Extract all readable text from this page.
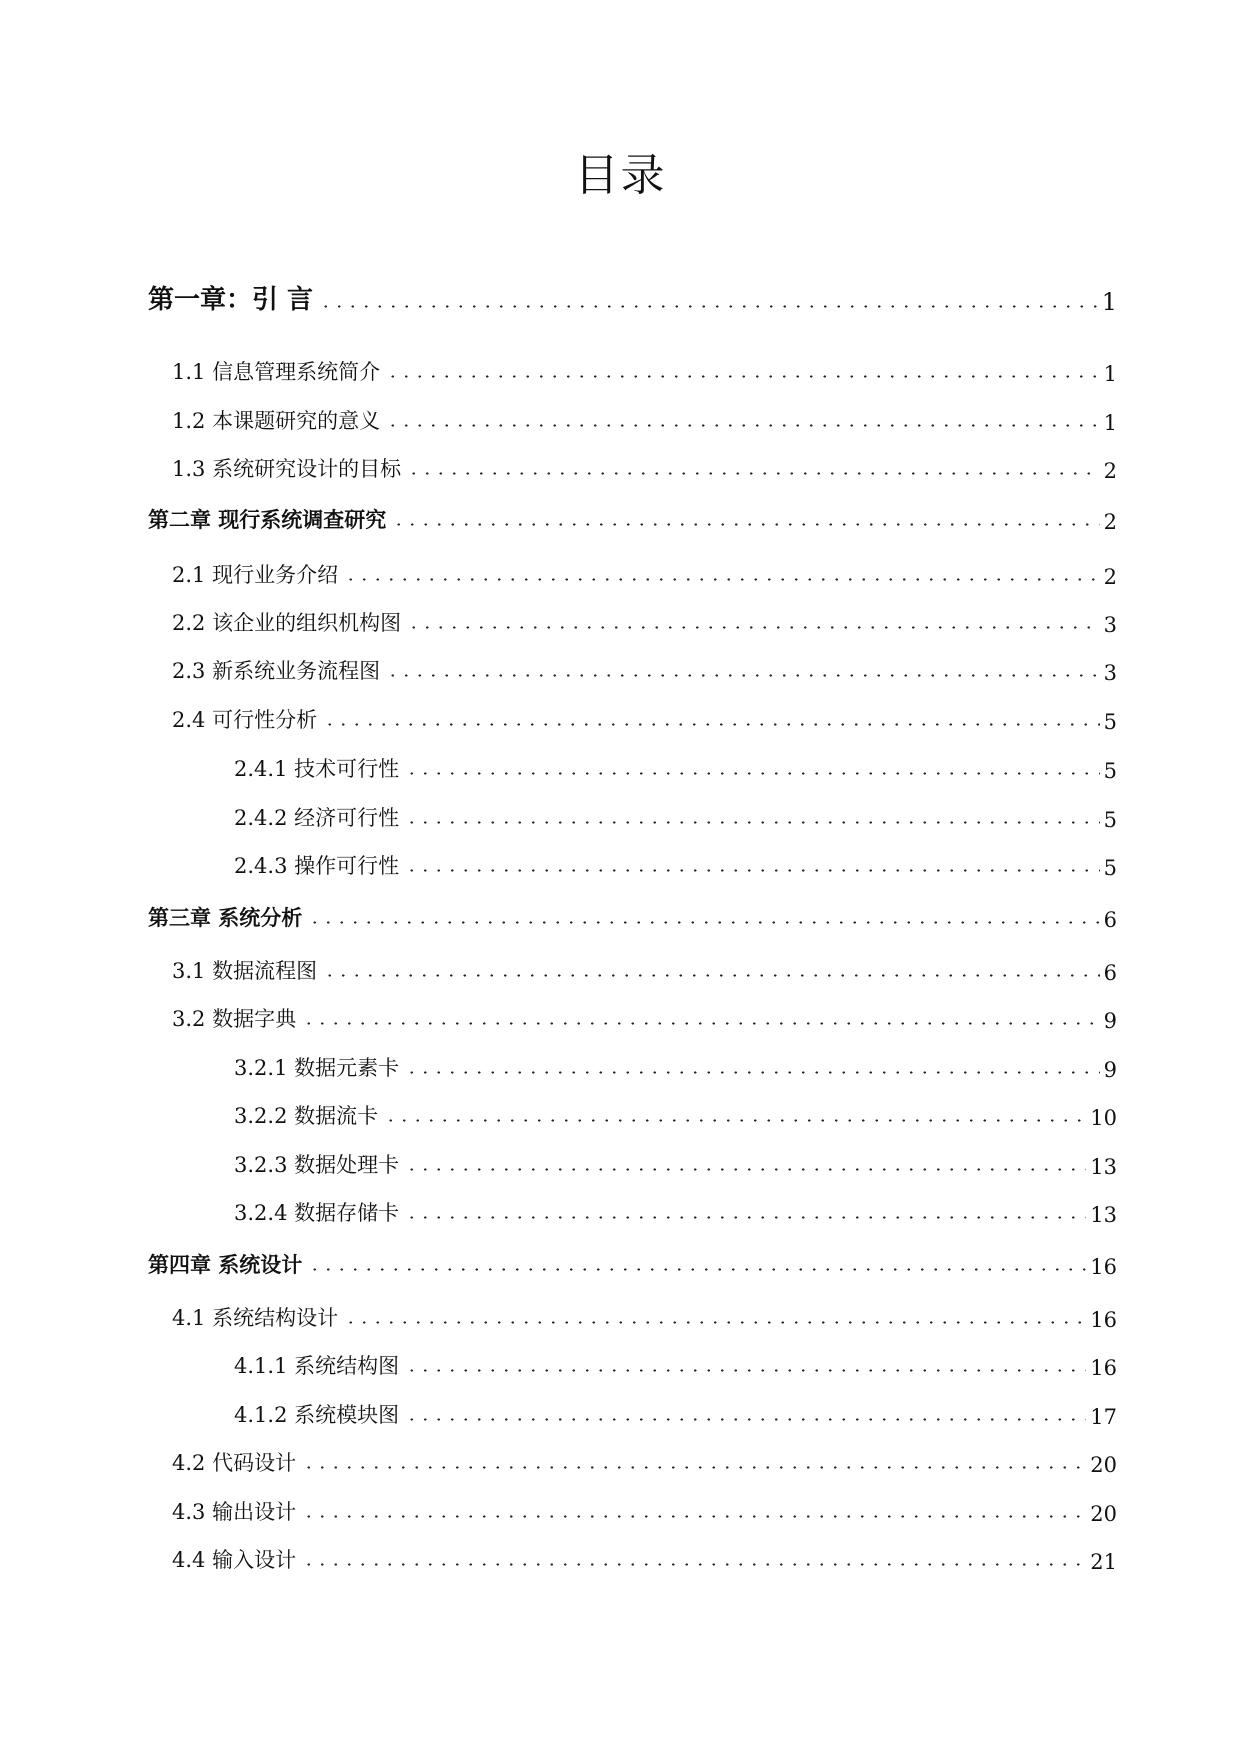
目录
第一章：引 言	1
1.1 信息管理系统简介	1
1.2 本课题研究的意义	1
1.3 系统研究设计的目标	2
第二章 现行系统调查研究	2
2.1 现行业务介绍	2
2.2 该企业的组织机构图	3
2.3 新系统业务流程图	3
2.4 可行性分析	5
2.4.1 技术可行性	5
2.4.2 经济可行性	5
2.4.3 操作可行性	5
第三章 系统分析	6
3.1 数据流程图	6
3.2 数据字典	9
3.2.1 数据元素卡	9
3.2.2 数据流卡	10
3.2.3 数据处理卡	13
3.2.4 数据存储卡	13
第四章 系统设计	16
4.1 系统结构设计	16
4.1.1 系统结构图	16
4.1.2 系统模块图	17
4.2 代码设计	20
4.3 输出设计	20
4.4 输入设计	21
